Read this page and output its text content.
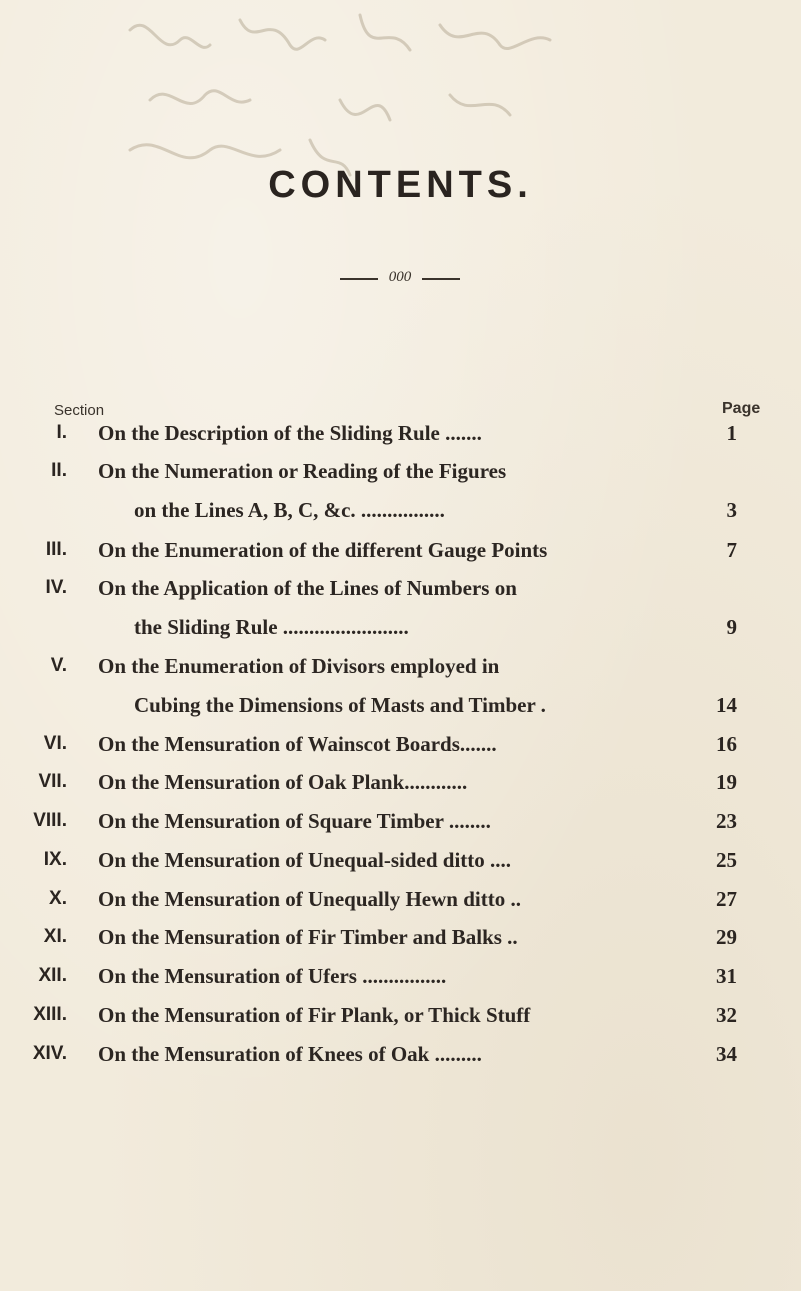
CONTENTS.
000
Section	Page
I. On the Description of the Sliding Rule .......	1
II. On the Numeration or Reading of the Figures
on the Lines A, B, C, &c. ................	3
III. On the Enumeration of the different Gauge Points	7
IV. On the Application of the Lines of Numbers on
the Sliding Rule ........................	9
V. On the Enumeration of Divisors employed in
Cubing the Dimensions of Masts and Timber .	14
VI. On the Mensuration of Wainscot Boards.......	16
VII. On the Mensuration of Oak Plank............	19
VIII. On the Mensuration of Square Timber ........	23
IX. On the Mensuration of Unequal-sided ditto ....	25
X. On the Mensuration of Unequally Hewn ditto ..	27
XI. On the Mensuration of Fir Timber and Balks ..	29
XII. On the Mensuration of Ufers ................	31
XIII. On the Mensuration of Fir Plank, or Thick Stuff	32
XIV. On the Mensuration of Knees of Oak .........	34
